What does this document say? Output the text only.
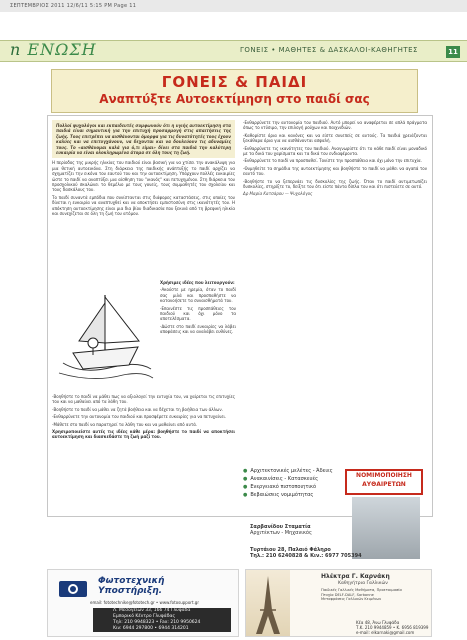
ΣΕΠΤΕΜΒΡΙΟΣ 2011 12/6/11 5:15 PM Page 11
n ΕΝΩΣΗ	ΓΟΝΕΙΣ • ΜΑΘΗΤΕΣ & ΔΑΣΚΑΛΟΙ-ΚΑΘΗΓΗΤΕΣ	11
ΓΟΝΕΙΣ & ΠΑΙΔΙ
Αναπτύξτε Αυτοεκτίμηση στο παιδί σας

Πολλοί ψυχολόγοι και εκπαιδευτές συμφωνούν ότι η υγιής αυτοεκτίμηση στα παιδιά είναι σημαντική για την επιτυχή προσαρμογή στις απαιτήσεις της ζωής. Τους επιτρέπει να αισθάνονται όμορφα για τις δυνατότητές τους έχουν καλύες και να επιτυγχάνουν, να δεχονται και να δουλεύουν τις αδυναμίες τους. Το «αισθάνομαι καλά για ό,τι είμαι» δίνει στα παιδιά την καλύτερη ευκαιρία να είναι ολοκληρωμένα άτομα σε όλη τους τη ζωή.

Η περίοδος της μικρής ηλικίας του παιδιού είναι βασική για να χτίσει την ανακάλυψη για μια θετική αυτοεικόνα. Στη διάρκεια της παιδικής ανάπτυξής το παιδί αρχίζει να σχηματίζει την εικόνα του εαυτού του και την αυτοεκτίμηση. Υπάρχουν πολλές ευκαιρίες ώστε το παιδί να αναπτύξει μια αίσθηση του "ικανός" και πετυχημένου. Στη διάρκεια του προσχολικού σκαλώνει το θεμέλιο με τους γονείς, τους συμμαθητές του σχολείου και τους δασκάλους του.

Το παιδί συναντά εμπόδια που συνίστανται στις διάφορες καταστάσεις, στις οποίες του δίνεται η ευκαιρία να αναπτυχθεί και να αποκτήσει εμπιστοσύνη στις ικανότητές του. Η απόκτηση αυτοεκτίμησης είναι μια δια βίου διαδικασία που ξεκινά από τη βρεφική ηλικία και συνεχίζεται σε όλη τη ζωή του ατόμου.

Χρήσιμες ιδέες που λειτουργούν:

-Ακούστε με ηρεμία, όταν το παιδί σας μιλά και προσπαθήστε να κατανοήσετε τα συναισθήματά του.

-Επαινέστε τις προσπάθειες του παιδιού και όχι μόνο τα αποτελέσματα.

-Δώστε στο παιδί ευκαιρίες να λάβει αποφάσεις και να αναλάβει ευθύνες.

-Βοηθήστε το παιδί να μάθει πως να αξιολογεί την ευτυχία του, να χαίρεται τις επιτυχίες του και να μαθαίνει από τα λάθη του.

-Βοηθήστε το παιδί να μάθει να ζητά βοήθεια και να δέχεται τη βοήθεια των άλλων.

-Ενθαρρύνετε την αυτονομία του παιδιού και προσφέρετε ευκαιρίες για να πετυχαίνει.

-Μάθετε στο παιδί να παρατηρεί τα λάθη του και να μαθαίνει από αυτά.

Χρησιμοποιείστε αυτές τις ιδέες κάθε μέρα: βοηθήστε το παιδί να αποκτήσει αυτοεκτίμηση και διασκεδάστε τη ζωή μαζί του.

-Ενθαρρύνετε την αυτονομία του παιδιού. Αυτό μπορεί να αναφέρεται σε απλά πράγματα όπως το ντύσιμο, την επιλογή ρούχων και παιχνιδιών.

-Καθορίστε όρια και κανόνες και να είστε συνεπείς σε αυτούς. Τα παιδιά χρειάζονται ξεκάθαρα όρια για να αισθάνονται ασφαλή.

-Ενθαρρύνετε τις ικανότητες του παιδιού. Αναγνωρίστε ότι το κάθε παιδί είναι μοναδικό με τα δικά του χαρίσματα και τα δικά του ενδιαφέροντα.

-Ενθαρρύνετε το παιδί να προσπαθεί. Τονίστε την προσπάθεια και όχι μόνο την επιτυχία.

-Θυμηθείτε τα σημάδια της αυτοεκτίμησης και βοηθήστε το παιδί να μάθει να αγαπά τον εαυτό του.

-Βοηθήστε το να ξεπερνάει τις δυσκολίες της ζωής. Όταν το παιδί αντιμετωπίζει δυσκολίες, στηρίξτε το, δείξτε του ότι είστε πάντα δίπλα του και ότι πιστεύετε σε αυτό.

Δρ Μαρία Κατσάρου — Ψυχολόγος

● Αρχιτεκτονικές μελέτες - Άδειες
● Ανακαινίσεις - Κατασκευές
● Ενεργειακό πιστοποιητικό
● Βεβαιώσεις νομιμότητας
ΝΟΜΙΜΟΠΟΙΗΣΗ
ΑΥΘΑΙΡΕΤΩΝ
Σαρβανίδου Σταματία
Αρχιτέκτων - Μηχανικός
Τυρτάιου 28, Παλαιό Φάληρο
Τηλ.: 210 6240828 & Κιν.: 6977 705394
Φωτοτεχνική
Υποστήριξη.
email: fototechnike@fototech.gr • www.fotosupport.gr
Λ. Μεσογείων 33, 166 74 Γλυφάδα
Εμπορικό Κέντρο Γλυφάδας
Τηλ: 210 9948323 • Fax: 210 9950624
Κιν: 6944 297800 • 6944 314201
Ηλέκτρα Γ. Καρνάκη
Καθηγήτρια Γαλλικών
Παιδικές Γαλλικές Μαθήματα, Προετοιμασία
Πτυχία DELF-DALF, Sorbonne
Μεταφράσεις Γαλλικών Κειμένων
Κέα 48, Άνω Γλυφάδα
Τ.Κ. 210 9944859 • Κ. 6956 819399
e-mail: elkarnaki@gmail.com
